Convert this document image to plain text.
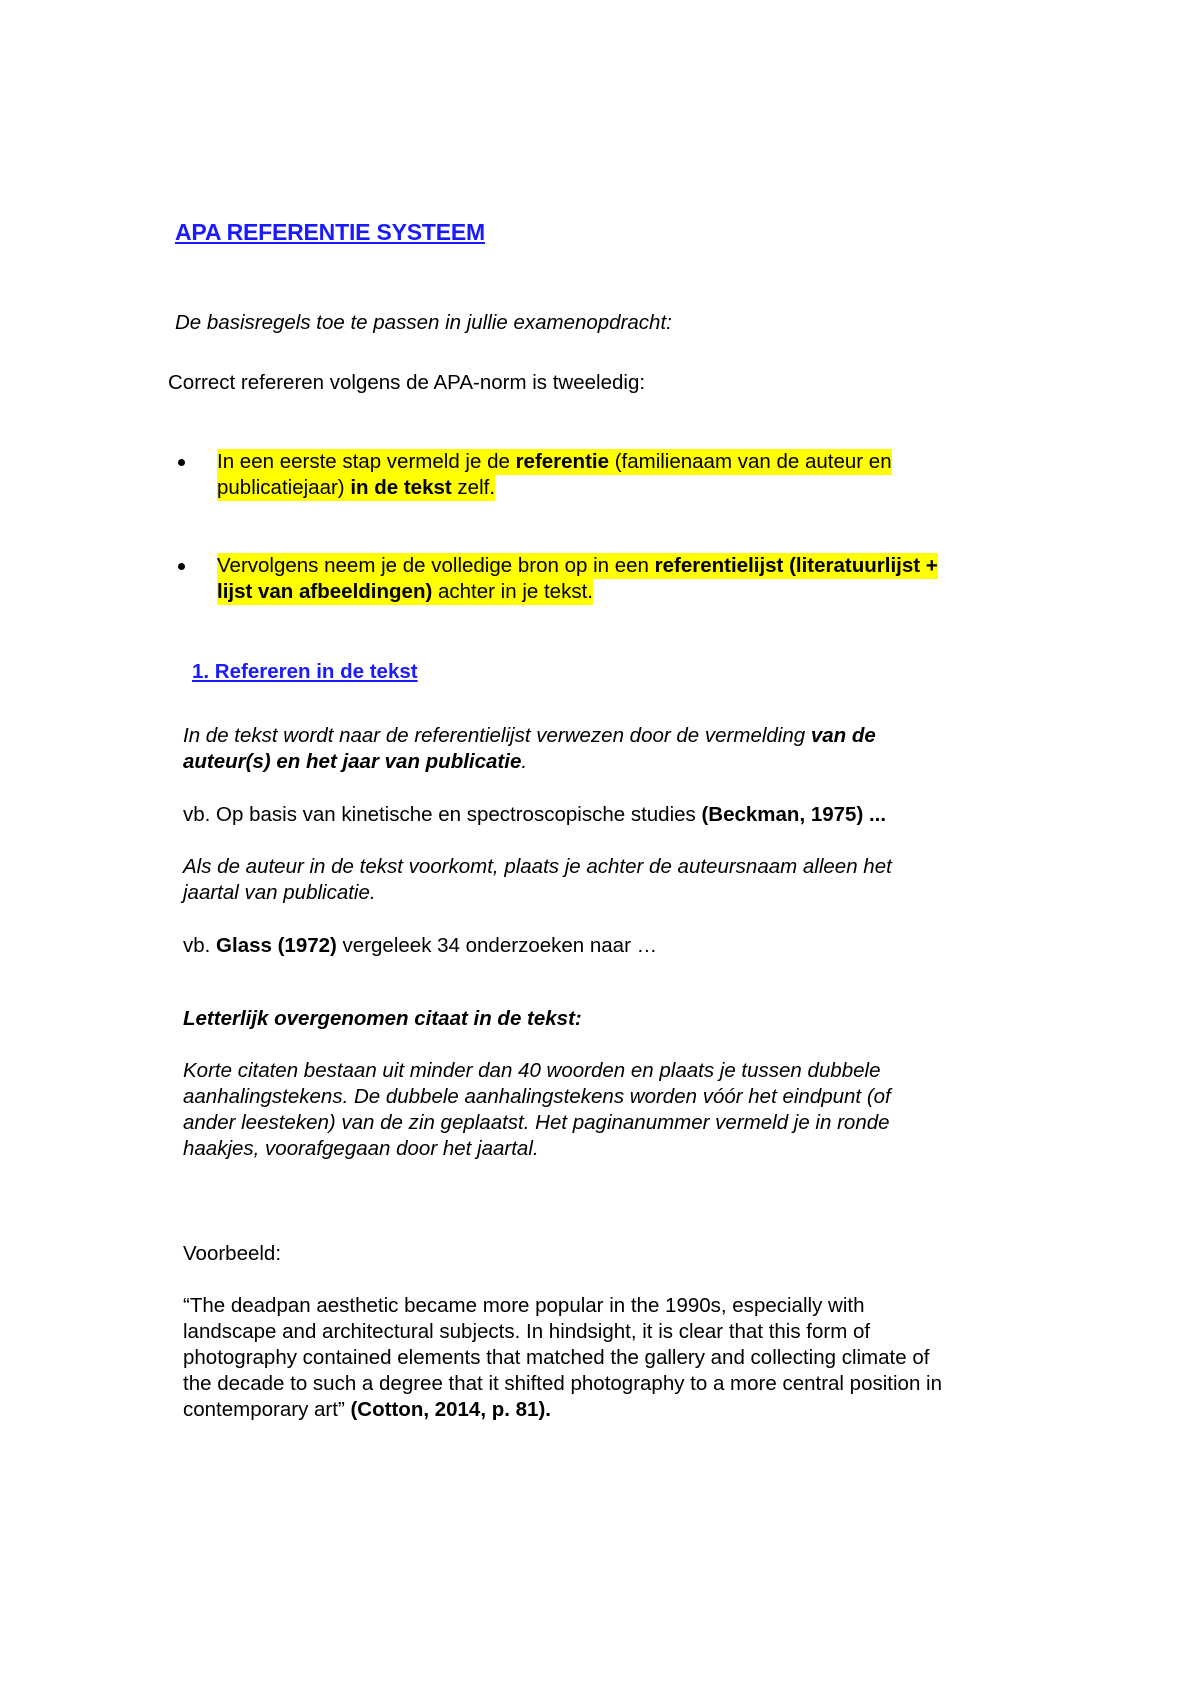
APA REFERENTIE SYSTEEM

De basisregels toe te passen in jullie examenopdracht:

Correct refereren volgens de APA-norm is tweeledig:

In een eerste stap vermeld je de referentie (familienaam van de auteur en
publicatiejaar) in de tekst zelf.
Vervolgens neem je de volledige bron op in een referentielijst (literatuurlijst +
lijst van afbeeldingen) achter in je tekst.
1. Refereren in de tekst

In de tekst wordt naar de referentielijst verwezen door de vermelding van de
auteur(s) en het jaar van publicatie.

vb. Op basis van kinetische en spectroscopische studies (Beckman, 1975) ...

Als de auteur in de tekst voorkomt, plaats je achter de auteursnaam alleen het
jaartal van publicatie.

vb. Glass (1972) vergeleek 34 onderzoeken naar …

Letterlijk overgenomen citaat in de tekst:

Korte citaten bestaan uit minder dan 40 woorden en plaats je tussen dubbele
aanhalingstekens. De dubbele aanhalingstekens worden vóór het eindpunt (of
ander leesteken) van de zin geplaatst. Het paginanummer vermeld je in ronde
haakjes, voorafgegaan door het jaartal.

Voorbeeld:

“The deadpan aesthetic became more popular in the 1990s, especially with
landscape and architectural subjects. In hindsight, it is clear that this form of
photography contained elements that matched the gallery and collecting climate of
the decade to such a degree that it shifted photography to a more central position in
contemporary art” (Cotton, 2014, p. 81).
